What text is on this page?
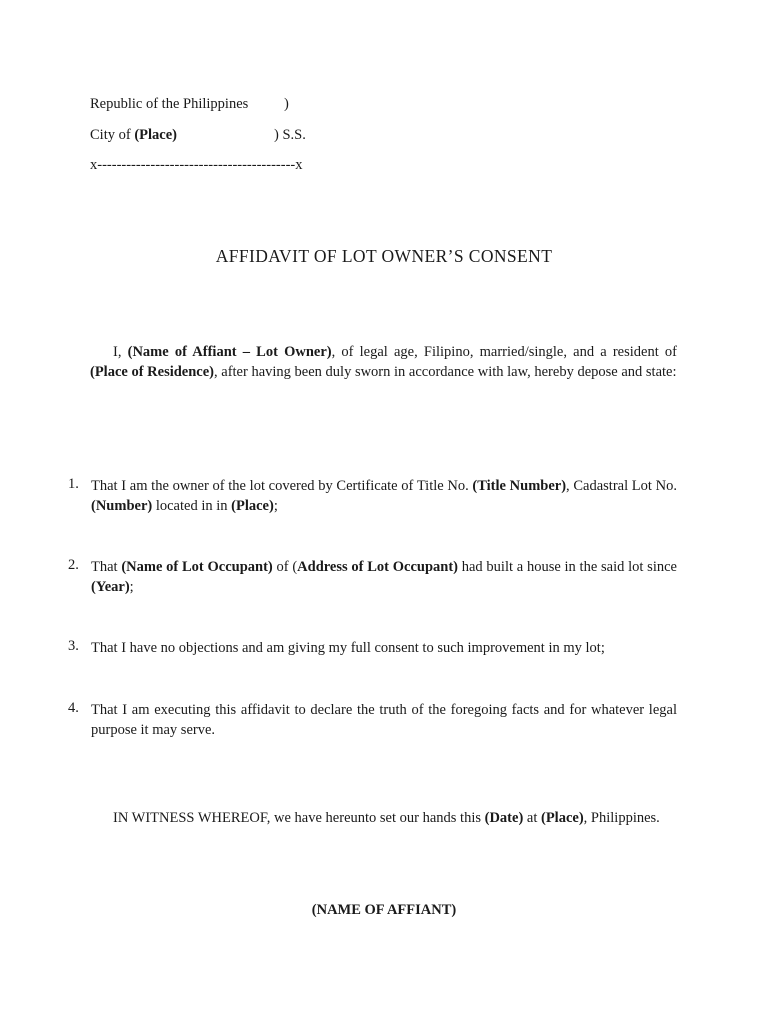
Republic of the Philippines )
City of (Place)	) S.S.
x-----------------------------------------x
AFFIDAVIT OF LOT OWNER’S CONSENT
I, (Name of Affiant – Lot Owner), of legal age, Filipino, married/single, and a resident of (Place of Residence), after having been duly sworn in accordance with law, hereby depose and state:
1. That I am the owner of the lot covered by Certificate of Title No. (Title Number), Cadastral Lot No. (Number) located in in (Place);
2. That (Name of Lot Occupant) of (Address of Lot Occupant) had built a house in the said lot since (Year);
3. That I have no objections and am giving my full consent to such improvement in my lot;
4. That I am executing this affidavit to declare the truth of the foregoing facts and for whatever legal purpose it may serve.
IN WITNESS WHEREOF, we have hereunto set our hands this (Date) at (Place), Philippines.
(NAME OF AFFIANT)
